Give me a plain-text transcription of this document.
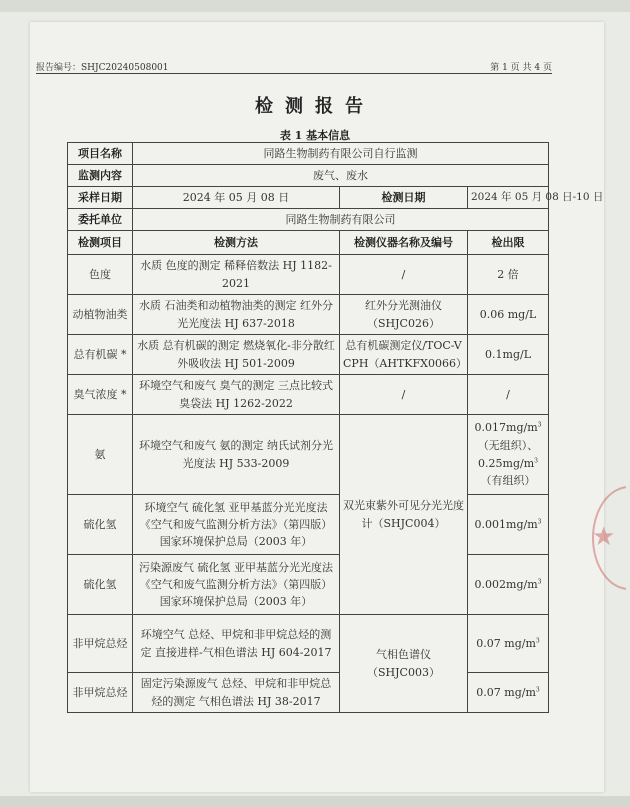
报告编号：SHJC20240508001	第 1 页 共 4 页
检测报告
表 1 基本信息
项目名称	同路生物制药有限公司自行监测		
监测内容	废气、废水		
采样日期	2024 年 05 月 08 日	检测日期	2024 年 05 月 08 日-10 日
委托单位	同路生物制药有限公司		
检测项目	检测方法	检测仪器名称及编号	检出限
色度	水质 色度的测定 稀释倍数法 HJ 1182-2021	/	2 倍
动植物油类	水质 石油类和动植物油类的测定 红外分光光度法 HJ 637-2018	红外分光测油仪 （SHJC026）	0.06 mg/L
总有机碳 *	水质 总有机碳的测定 燃烧氧化-非分散红外吸收法 HJ 501-2009	总有机碳测定仪/TOC-VCPH（AHTKFX0066）	0.1mg/L
臭气浓度 *	环境空气和废气 臭气的测定 三点比较式臭袋法 HJ 1262-2022	/	/
氨	环境空气和废气 氨的测定 纳氏试剂分光光度法 HJ 533-2009	双光束紫外可见分光光度计（SHJC004）	$0.017mg/m^3$
（无组织）、
$0.25mg/m^3$
（有组织）
硫化氢	环境空气 硫化氢 亚甲基蓝分光光度法《空气和废气监测分析方法》（第四版）国家环境保护总局（2003 年）		$0.001mg/m^3$
硫化氢	污染源废气 硫化氢 亚甲基蓝分光光度法《空气和废气监测分析方法》（第四版）国家环境保护总局（2003 年）		$0.002mg/m^3$
非甲烷总烃	环境空气 总烃、甲烷和非甲烷总烃的测定 直接进样-气相色谱法 HJ 604-2017	气相色谱仪（SHJC003）	0.07 $mg/m^3$
非甲烷总烃	固定污染源废气 总烃、甲烷和非甲烷总烃的测定 气相色谱法 HJ 38-2017		0.07 $mg/m^3$
★
